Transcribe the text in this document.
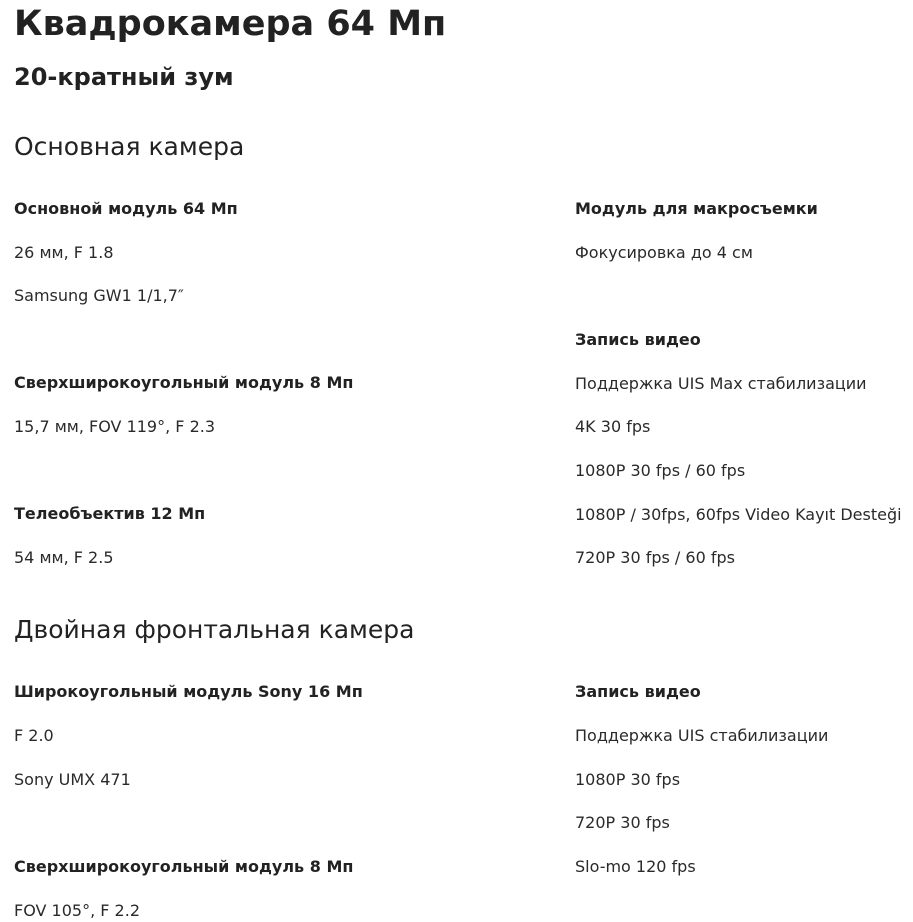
Квадрокамера 64 Мп
20-кратный зум
Основная камера
Основной модуль 64 Мп
26 мм, F 1.8
Samsung GW1 1/1,7″
Сверхширокоугольный модуль 8 Мп
15,7 мм, FOV 119°, F 2.3
Телеобъектив 12 Мп
54 мм, F 2.5
Модуль для макросъемки
Фокусировка до 4 см
Запись видео
Поддержка UIS Max стабилизации
4K 30 fps
1080P 30 fps / 60 fps
1080P / 30fps, 60fps Video Kayıt Desteği
720P 30 fps / 60 fps
Двойная фронтальная камера
Широкоугольный модуль Sony 16 Мп
F 2.0
Sony UMX 471
Сверхширокоугольный модуль 8 Мп
FOV 105°, F 2.2
Запись видео
Поддержка UIS стабилизации
1080P 30 fps
720P 30 fps
Slo-mo 120 fps
